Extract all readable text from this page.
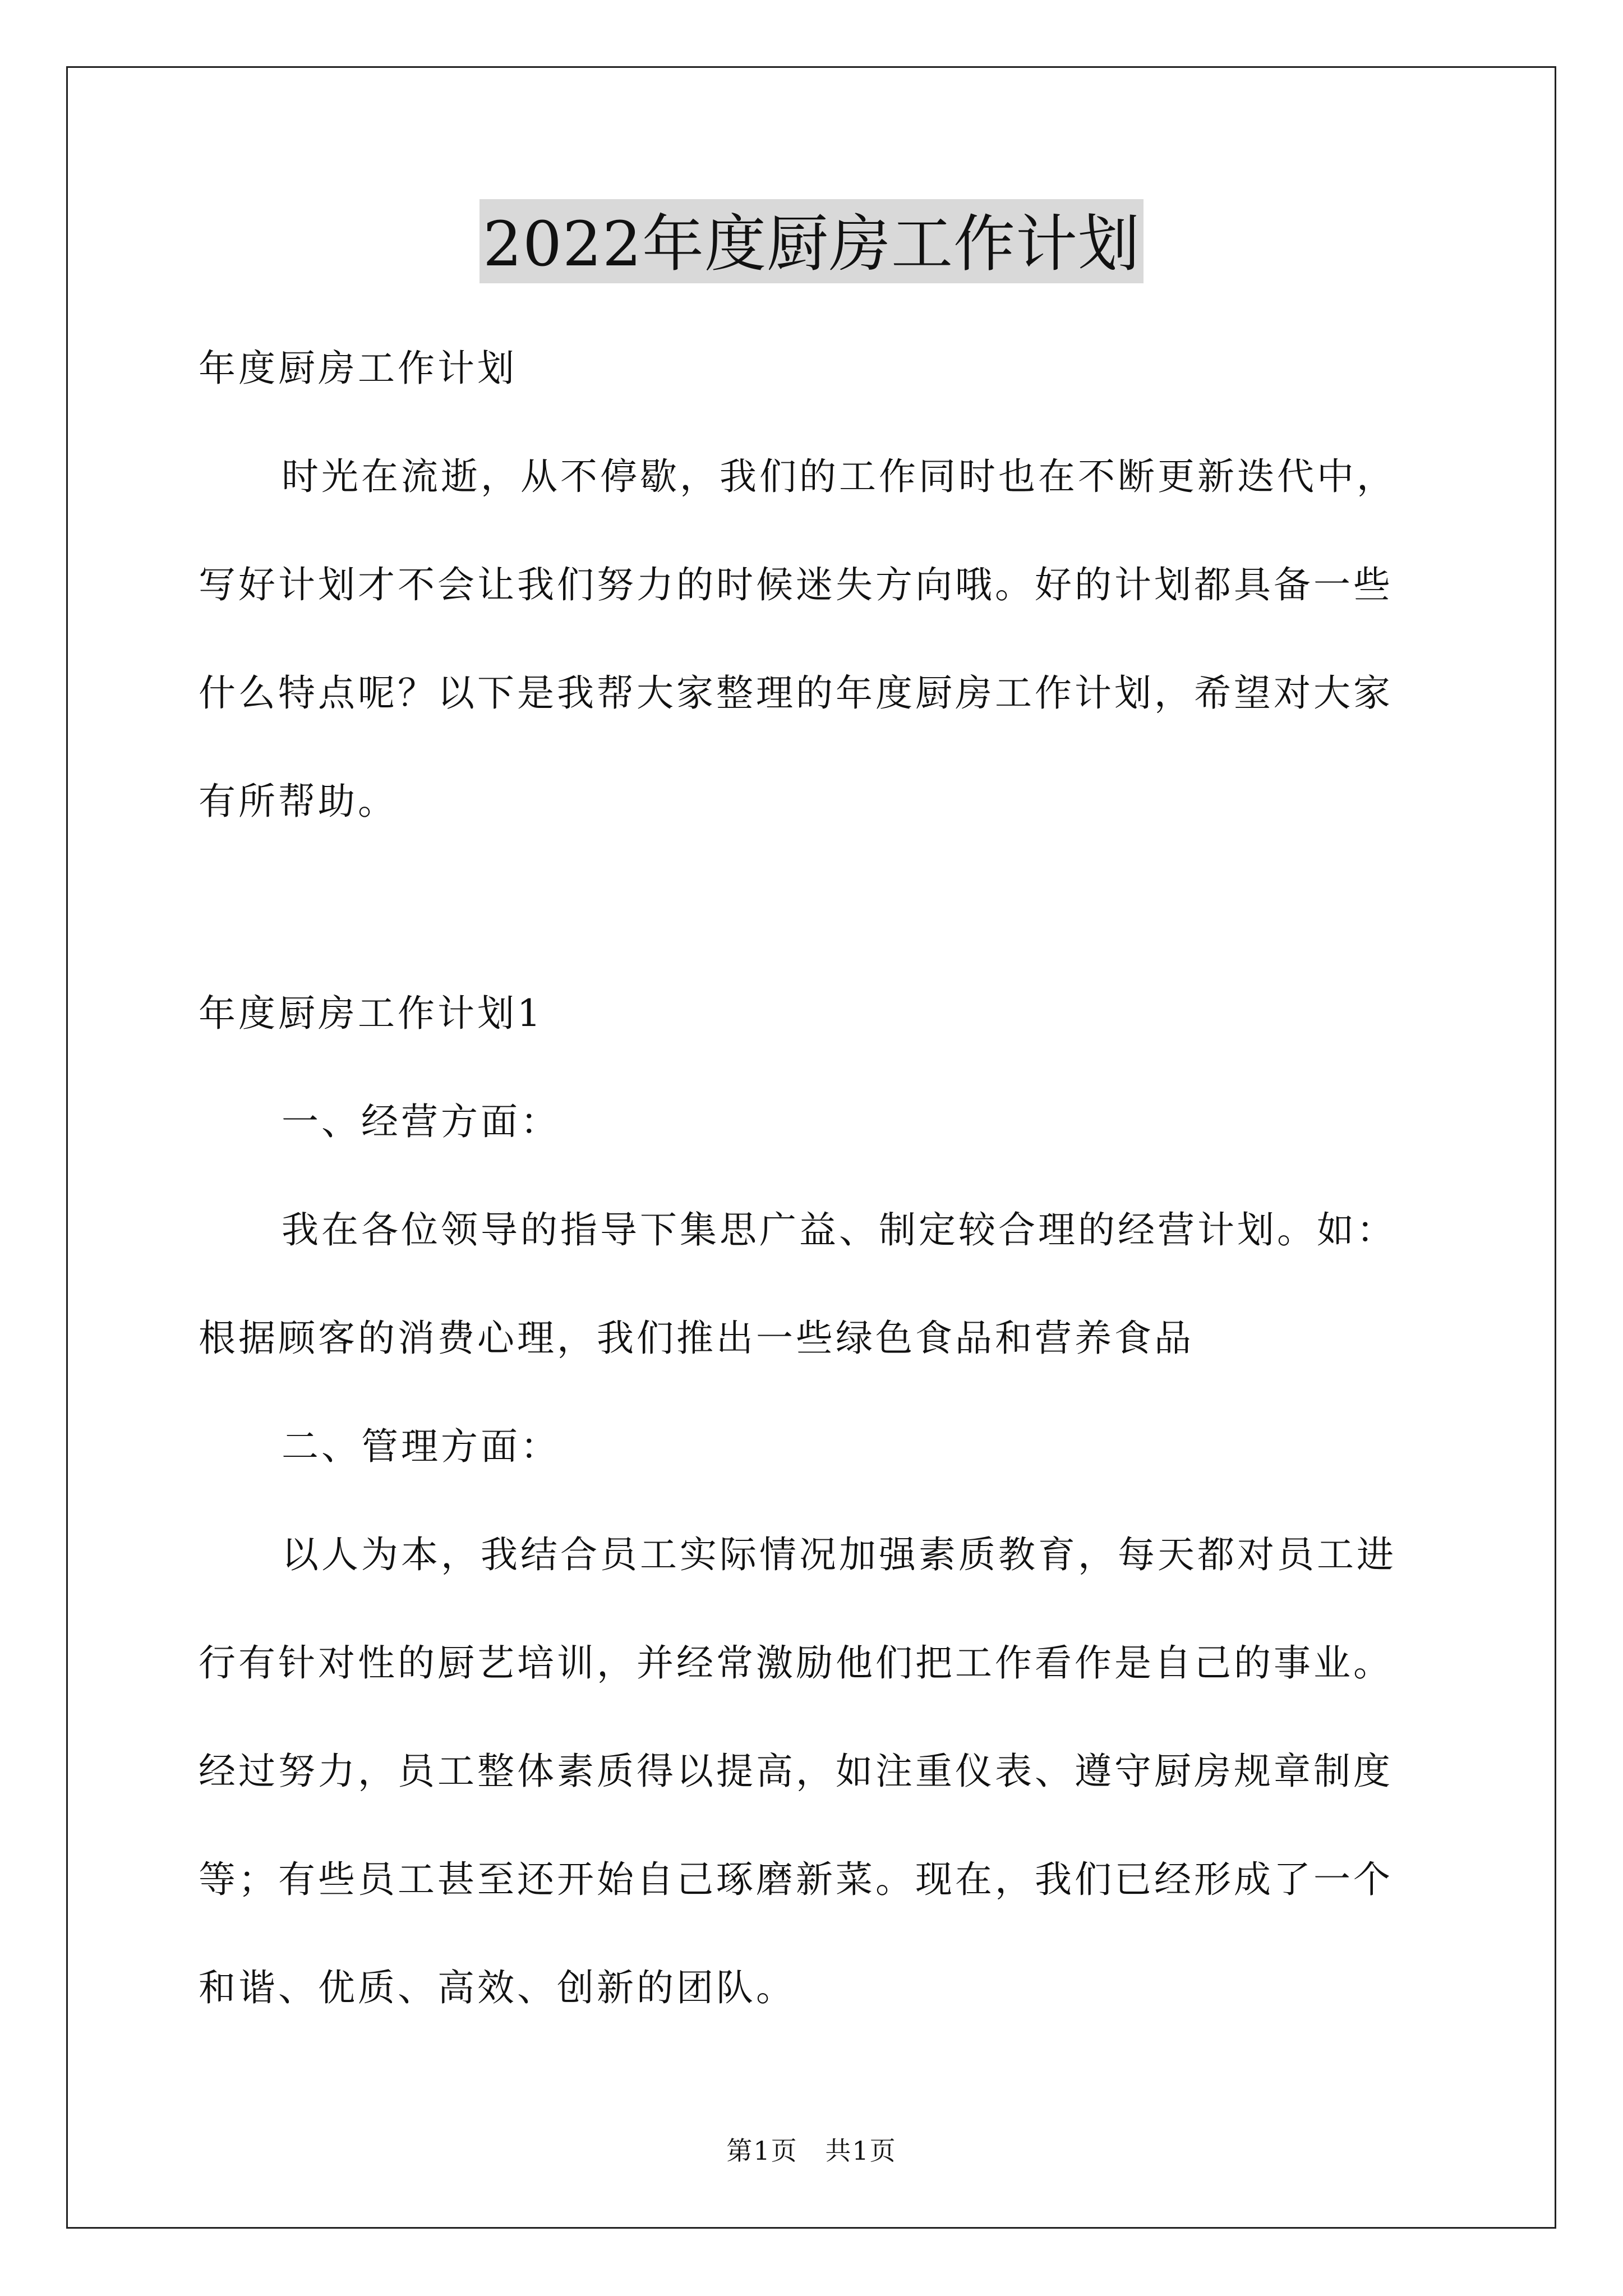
2022年度厨房工作计划

年度厨房工作计划

时光在流逝，从不停歇，我们的工作同时也在不断更新迭代中，写好计划才不会让我们努力的时候迷失方向哦。好的计划都具备一些什么特点呢？以下是我帮大家整理的年度厨房工作计划，希望对大家有所帮助。

年度厨房工作计划1

一、经营方面：

我在各位领导的指导下集思广益、制定较合理的经营计划。如：根据顾客的消费心理，我们推出一些绿色食品和营养食品

二、管理方面：

以人为本，我结合员工实际情况加强素质教育，每天都对员工进行有针对性的厨艺培训，并经常激励他们把工作看作是自己的事业。经过努力，员工整体素质得以提高，如注重仪表、遵守厨房规章制度等；有些员工甚至还开始自己琢磨新菜。现在，我们已经形成了一个和谐、优质、高效、创新的团队。

第1页 共1页
